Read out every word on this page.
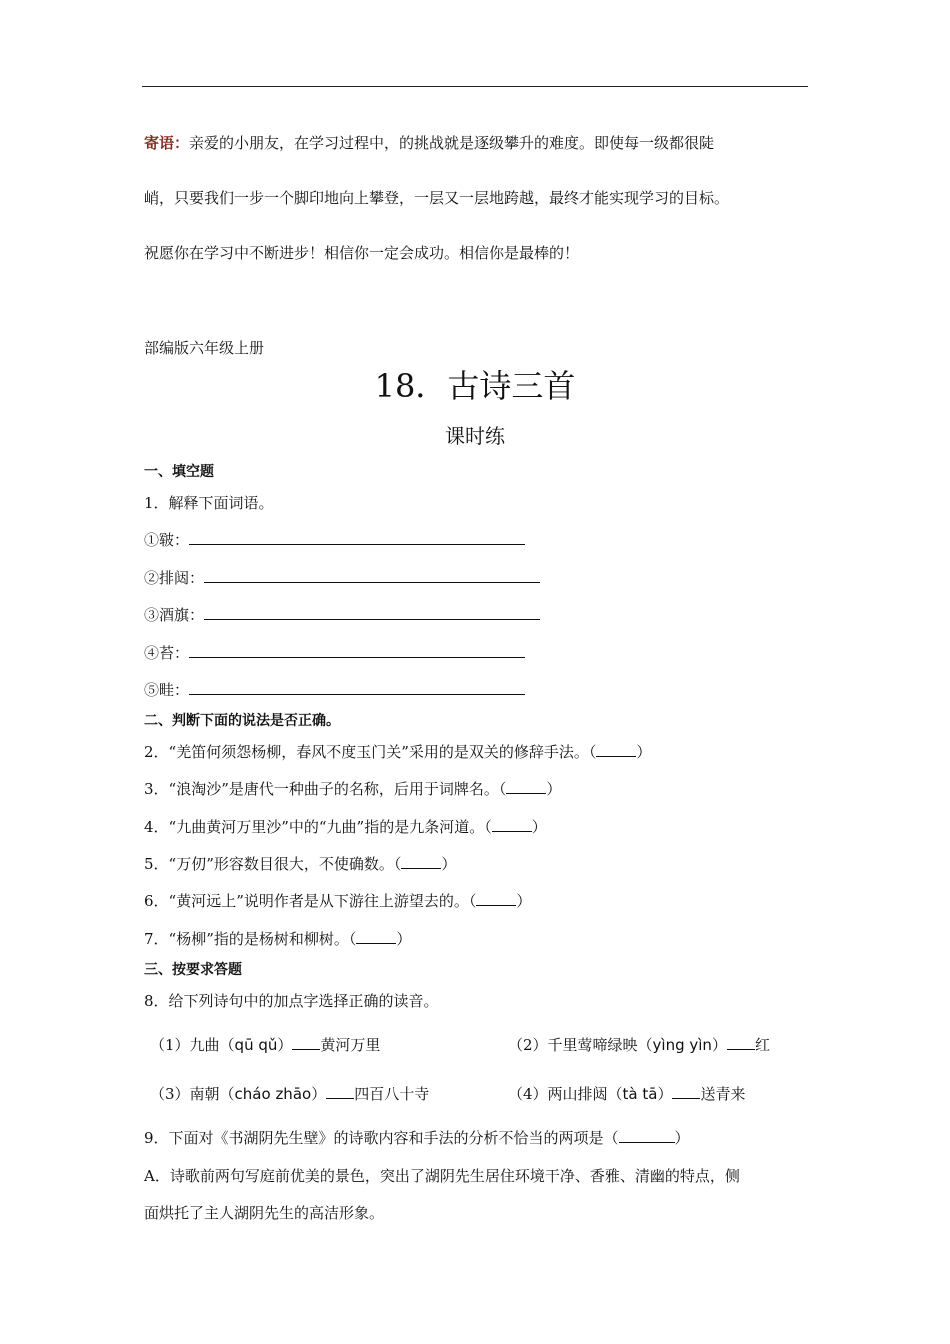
寄语：亲爱的小朋友，在学习过程中，的挑战就是逐级攀升的难度。即使每一级都很陡
峭，只要我们一步一个脚印地向上攀登，一层又一层地跨越，最终才能实现学习的目标。
祝愿你在学习中不断进步！相信你一定会成功。相信你是最棒的！
部编版六年级上册
18．古诗三首
课时练
一、填空题
1．解释下面词语。
①皲：
②排闼：
③酒旗：
④苔：
⑤畦：
二、判断下面的说法是否正确。
2．“羌笛何须怨杨柳，春风不度玉门关”采用的是双关的修辞手法。（	）
3．“浪淘沙”是唐代一种曲子的名称，后用于词牌名。（	）
4．“九曲黄河万里沙”中的“九曲”指的是九条河道。（	）
5．“万仞”形容数目很大，不使确数。（	）
6．“黄河远上”说明作者是从下游往上游望去的。（	）
7．“杨柳”指的是杨树和柳树。（	）
三、按要求答题
8．给下列诗句中的加点字选择正确的读音。
（1）九曲（qū qǔ） 黄河万里	（2）千里莺啼绿映（yìng yìn） 红
（3）南朝（cháo zhāo） 四百八十寺	（4）两山排闼（tà tā） 送青来
9．下面对《书湖阴先生壁》的诗歌内容和手法的分析不恰当的两项是（	）
A．诗歌前两句写庭前优美的景色，突出了湖阴先生居住环境干净、香雅、清幽的特点，侧
面烘托了主人湖阴先生的高洁形象。
